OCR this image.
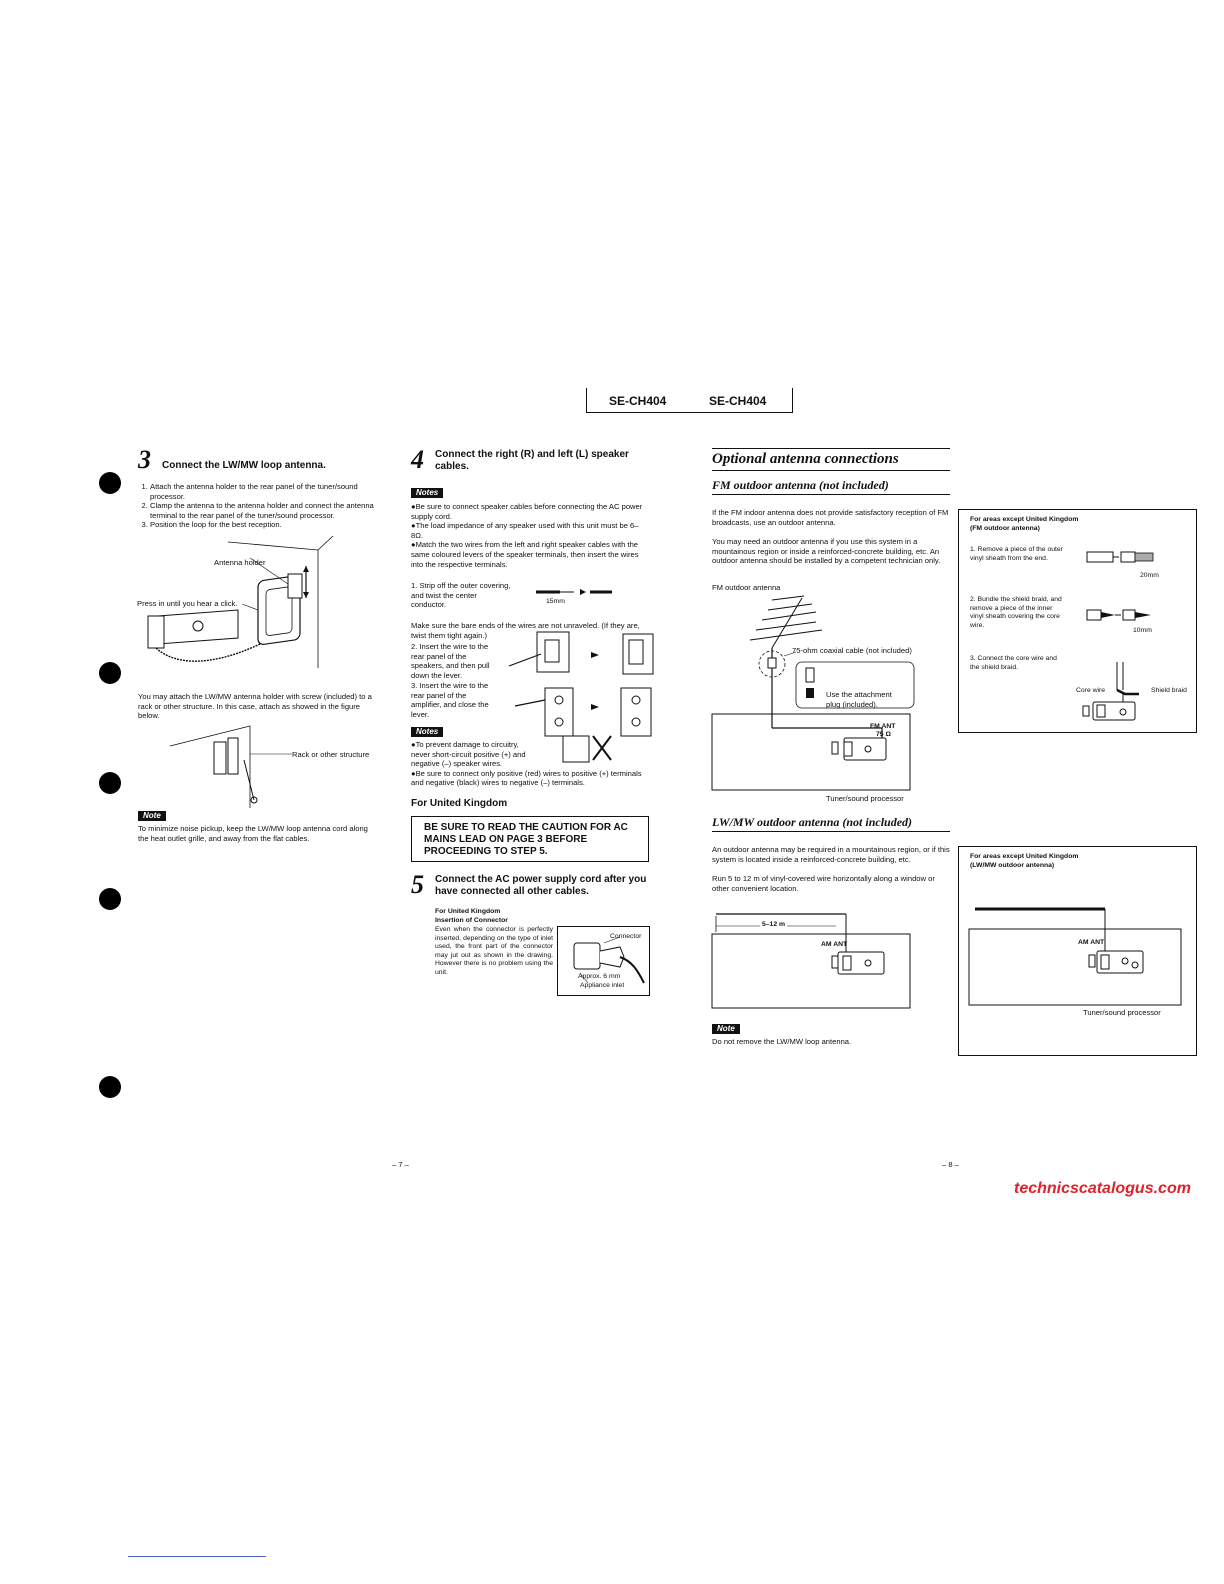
SE-CH404	SE-CH404
3 Connect the LW/MW loop antenna.
1. Attach the antenna holder to the rear panel of the tuner/sound processor.
2. Clamp the antenna to the antenna holder and connect the antenna terminal to the rear panel of the tuner/sound processor.
3. Position the loop for the best reception.
Antenna holder
Press in until you hear a click.
You may attach the LW/MW antenna holder with screw (included) to a rack or other structure. In this case, attach as showed in the figure below.
Rack or other structure
Note
To minimize noise pickup, keep the LW/MW loop antenna cord along the heat outlet grille, and away from the flat cables.
4 Connect the right (R) and left (L) speaker cables.
Notes
●Be sure to connect speaker cables before connecting the AC power supply cord.
●The load impedance of any speaker used with this unit must be 6–8Ω.
●Match the two wires from the left and right speaker cables with the same coloured levers of the speaker terminals, then insert the wires into the respective terminals.
1. Strip off the outer covering, and twist the center conductor.	15mm
Make sure the bare ends of the wires are not unraveled. (If they are, twist them tight again.)
2. Insert the wire to the rear panel of the speakers, and then pull down the lever.
3. Insert the wire to the rear panel of the amplifier, and close the lever.
Notes
●To prevent damage to circuitry, never short-circuit positive (+) and negative (–) speaker wires.
●Be sure to connect only positive (red) wires to positive (+) terminals and negative (black) wires to negative (–) terminals.
For United Kingdom
BE SURE TO READ THE CAUTION FOR AC MAINS LEAD ON PAGE 3 BEFORE PROCEEDING TO STEP 5.
5 Connect the AC power supply cord after you have connected all other cables.
For United Kingdom
Insertion of Connector
Even when the connector is perfectly inserted, depending on the type of inlet used, the front part of the connector may jut out as shown in the drawing. However there is no problem using the unit.
Connector
Approx. 6 mm
Appliance inlet
– 7 –
Optional antenna connections
FM outdoor antenna (not included)
If the FM indoor antenna does not provide satisfactory reception of FM broadcasts, use an outdoor antenna.
You may need an outdoor antenna if you use this system in a mountainous region or inside a reinforced-concrete building, etc. An outdoor antenna should be installed by a competent technician only.
FM outdoor antenna
75-ohm coaxial cable (not included)
Use the attachment plug (included).
FM ANT
75 Ω
Tuner/sound processor
For areas except United Kingdom
(FM outdoor antenna)
1. Remove a piece of the outer vinyl sheath from the end.
20mm
2. Bundle the shield braid, and remove a piece of the inner vinyl sheath covering the core wire.
10mm
3. Connect the core wire and the shield braid.
Core wire	Shield braid
LW/MW outdoor antenna (not included)
An outdoor antenna may be required in a mountainous region, or if this system is located inside a reinforced-concrete building, etc.
Run 5 to 12 m of vinyl-covered wire horizontally along a window or other convenient location.
5–12 m
AM ANT
Note
Do not remove the LW/MW loop antenna.
For areas except United Kingdom
(LW/MW outdoor antenna)
AM ANT
Tuner/sound processor
– 8 –
technicscatalogus.com
